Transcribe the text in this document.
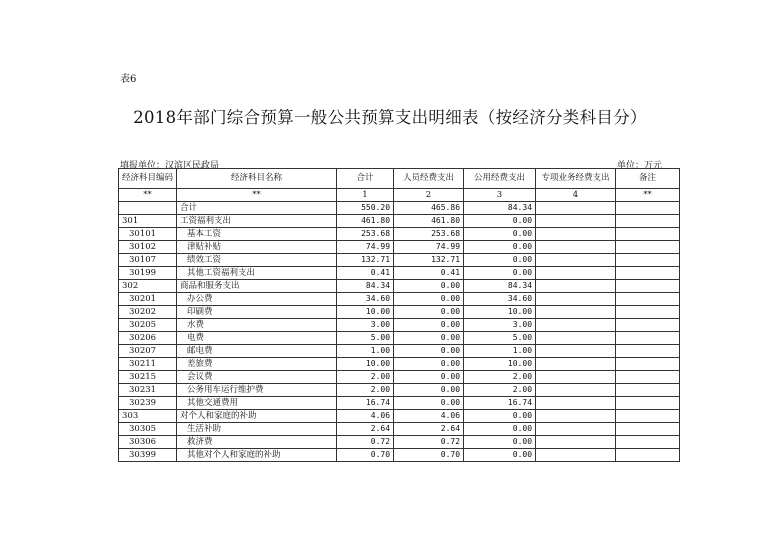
表6
2018年部门综合预算一般公共预算支出明细表（按经济分类科目分）
填报单位：汉滨区民政局	单位：万元
经济科目编码	经济科目名称	合计	人员经费支出	公用经费支出	专项业务经费支出	备注
**	**	1	2	3	4	**
	合计	550.20	465.86	84.34		
301	工资福利支出	461.80	461.80	0.00		
30101	基本工资	253.68	253.68	0.00		
30102	津贴补贴	74.99	74.99	0.00		
30107	绩效工资	132.71	132.71	0.00		
30199	其他工资福利支出	0.41	0.41	0.00		
302	商品和服务支出	84.34	0.00	84.34		
30201	办公费	34.60	0.00	34.60		
30202	印刷费	10.00	0.00	10.00		
30205	水费	3.00	0.00	3.00		
30206	电费	5.00	0.00	5.00		
30207	邮电费	1.00	0.00	1.00		
30211	差旅费	10.00	0.00	10.00		
30215	会议费	2.00	0.00	2.00		
30231	公务用车运行维护费	2.00	0.00	2.00		
30239	其他交通费用	16.74	0.00	16.74		
303	对个人和家庭的补助	4.06	4.06	0.00		
30305	生活补助	2.64	2.64	0.00		
30306	救济费	0.72	0.72	0.00		
30399	其他对个人和家庭的补助	0.70	0.70	0.00		
